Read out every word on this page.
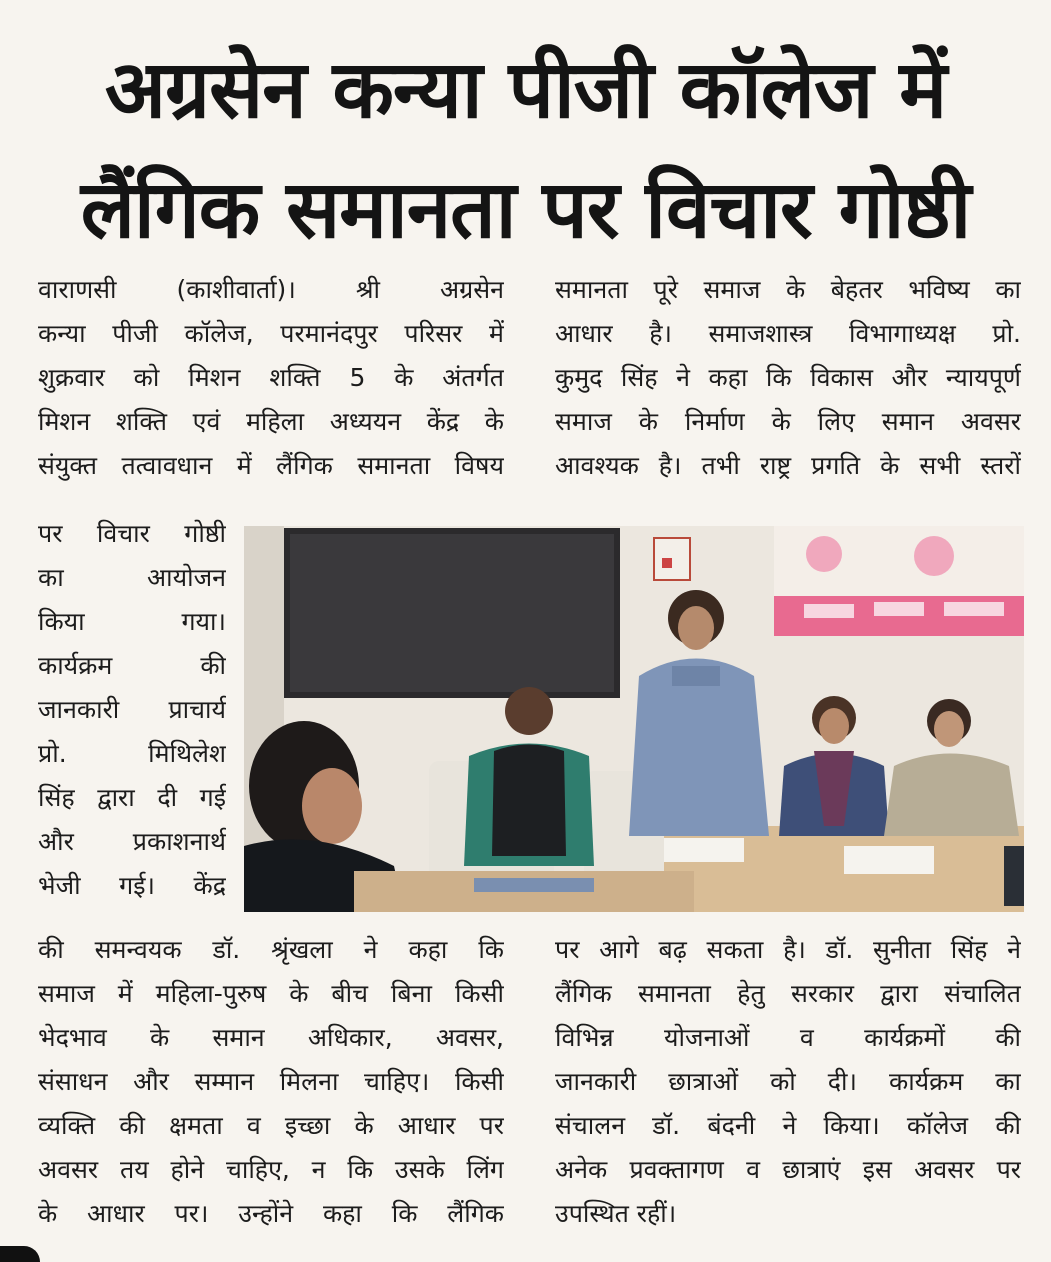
अग्रसेन कन्या पीजी कॉलेज में
लैंगिक समानता पर विचार गोष्ठी
वाराणसी (काशीवार्ता)। श्री अग्रसेन
कन्या पीजी कॉलेज, परमानंदपुर परिसर में
शुक्रवार को मिशन शक्ति 5 के अंतर्गत
मिशन शक्ति एवं महिला अध्ययन केंद्र के
संयुक्त तत्वावधान में लैंगिक समानता विषय
समानता पूरे समाज के बेहतर भविष्य का
आधार है। समाजशास्त्र विभागाध्यक्ष प्रो.
कुमुद सिंह ने कहा कि विकास और न्यायपूर्ण
समाज के निर्माण के लिए समान अवसर
आवश्यक है। तभी राष्ट्र प्रगति के सभी स्तरों
पर विचार गोष्ठी
का आयोजन
किया गया।
कार्यक्रम की
जानकारी प्राचार्य
प्रो. मिथिलेश
सिंह द्वारा दी गई
और प्रकाशनार्थ
भेजी गई। केंद्र
की समन्वयक डॉ. श्रृंखला ने कहा कि
समाज में महिला-पुरुष के बीच बिना किसी
भेदभाव के समान अधिकार, अवसर,
संसाधन और सम्मान मिलना चाहिए। किसी
व्यक्ति की क्षमता व इच्छा के आधार पर
अवसर तय होने चाहिए, न कि उसके लिंग
के आधार पर। उन्होंने कहा कि लैंगिक
पर आगे बढ़ सकता है। डॉ. सुनीता सिंह ने
लैंगिक समानता हेतु सरकार द्वारा संचालित
विभिन्न योजनाओं व कार्यक्रमों की
जानकारी छात्राओं को दी। कार्यक्रम का
संचालन डॉ. बंदनी ने किया। कॉलेज की
अनेक प्रवक्तागण व छात्राएं इस अवसर पर
उपस्थित रहीं।
